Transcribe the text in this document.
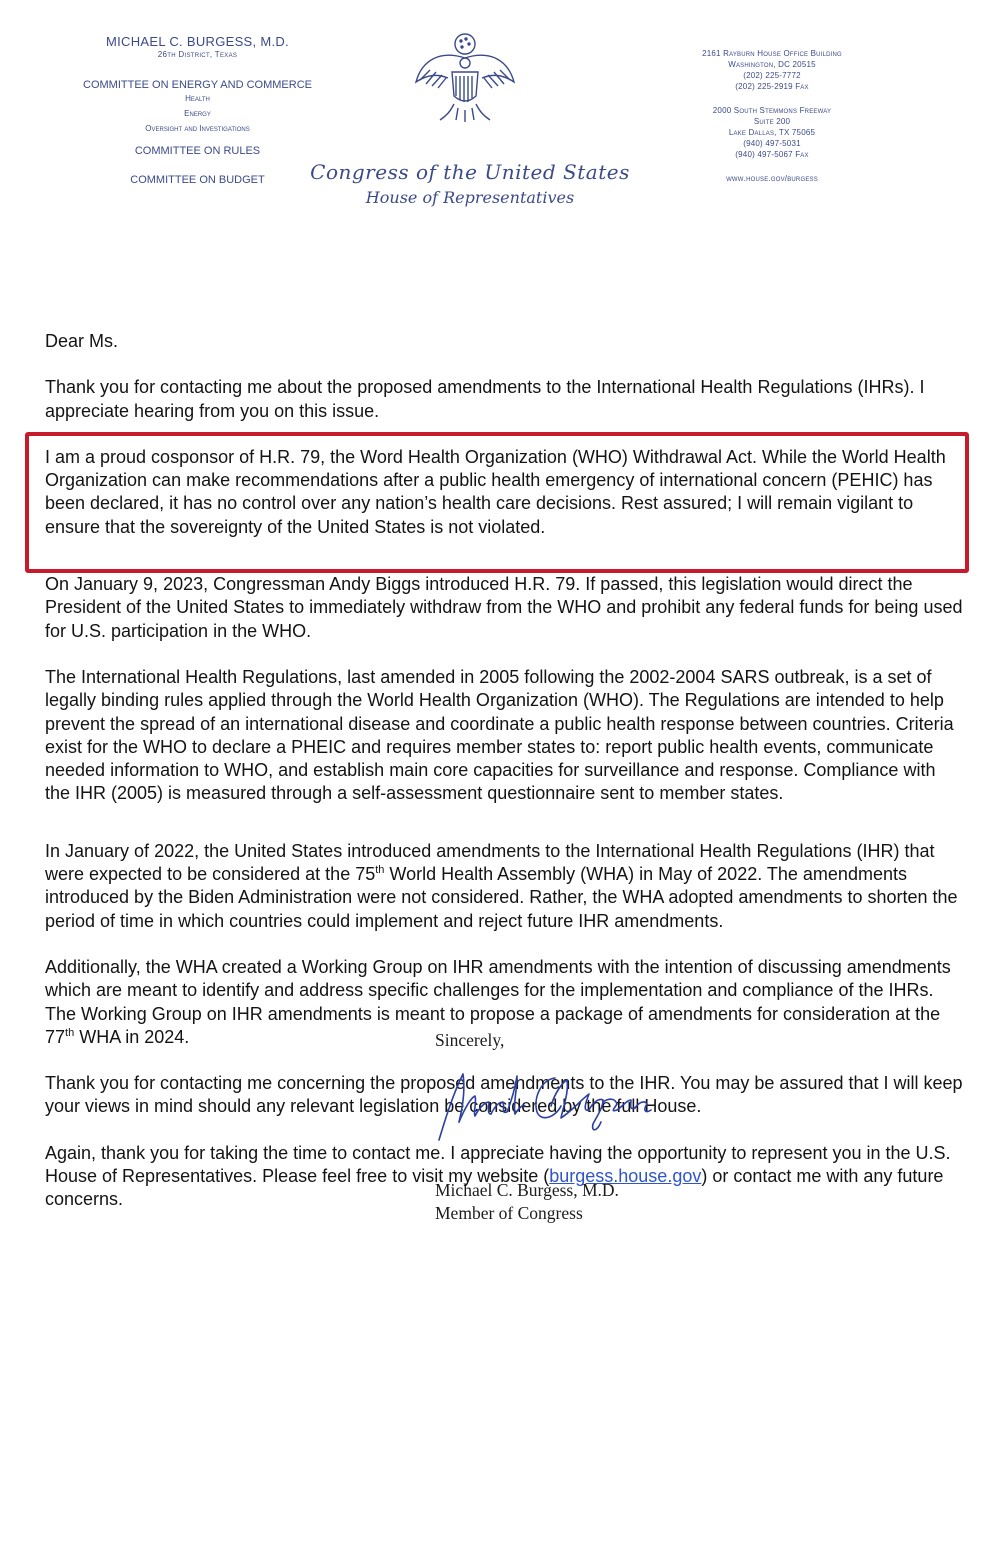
MICHAEL C. BURGESS, M.D.
26th District, Texas
COMMITTEE ON ENERGY AND COMMERCE
Health
Energy
Oversight and Investigations
COMMITTEE ON RULES
COMMITTEE ON BUDGET	Congress of the United States
House of Representatives
2161 Rayburn House Office Building
Washington, DC 20515
(202) 225-7772
(202) 225-2919 Fax
2000 South Stemmons Freeway
Suite 200
Lake Dallas, TX 75065
(940) 497-5031
(940) 497-5067 Fax
www.house.gov/burgess

Dear Ms.

Thank you for contacting me about the proposed amendments to the International Health Regulations (IHRs). I appreciate hearing from you on this issue.

I am a proud cosponsor of H.R. 79, the Word Health Organization (WHO) Withdrawal Act. While the World Health Organization can make recommendations after a public health emergency of international concern (PEHIC) has been declared, it has no control over any nation’s health care decisions. Rest assured; I will remain vigilant to ensure that the sovereignty of the United States is not violated.

On January 9, 2023, Congressman Andy Biggs introduced H.R. 79. If passed, this legislation would direct the President of the United States to immediately withdraw from the WHO and prohibit any federal funds for being used for U.S. participation in the WHO.

The International Health Regulations, last amended in 2005 following the 2002-2004 SARS outbreak, is a set of legally binding rules applied through the World Health Organization (WHO). The Regulations are intended to help prevent the spread of an international disease and coordinate a public health response between countries. Criteria exist for the WHO to declare a PHEIC and requires member states to: report public health events, communicate needed information to WHO, and establish main core capacities for surveillance and response. Compliance with the IHR (2005) is measured through a self-assessment questionnaire sent to member states.

In January of 2022, the United States introduced amendments to the International Health Regulations (IHR) that were expected to be considered at the 75th World Health Assembly (WHA) in May of 2022. The amendments introduced by the Biden Administration were not considered. Rather, the WHA adopted amendments to shorten the period of time in which countries could implement and reject future IHR amendments.

Additionally, the WHA created a Working Group on IHR amendments with the intention of discussing amendments which are meant to identify and address specific challenges for the implementation and compliance of the IHRs. The Working Group on IHR amendments is meant to propose a package of amendments for consideration at the 77th WHA in 2024.

Thank you for contacting me concerning the proposed amendments to the IHR. You may be assured that I will keep your views in mind should any relevant legislation be considered by the full House.

Again, thank you for taking the time to contact me. I appreciate having the opportunity to represent you in the U.S. House of Representatives. Please feel free to visit my website (burgess.house.gov) or contact me with any future concerns.

Sincerely,
Michael C. Burgess, M.D.
Member of Congress
